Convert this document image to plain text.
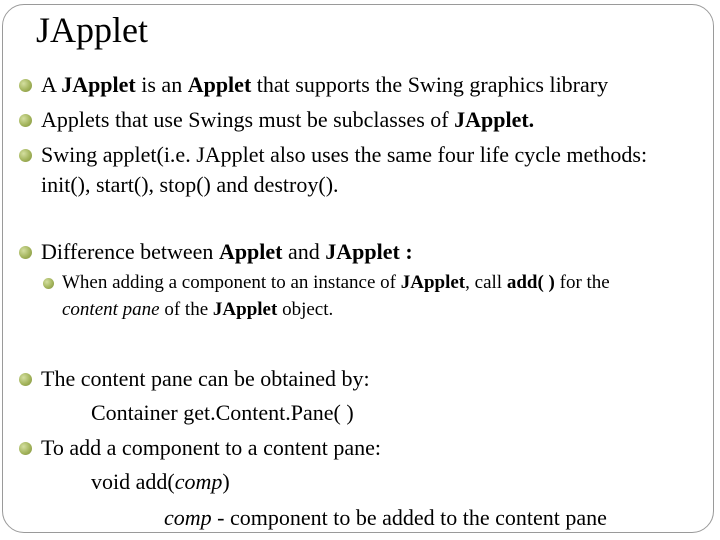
JApplet
A JApplet is an Applet that supports the Swing graphics library
Applets that use Swings must be subclasses of JApplet.
Swing applet(i.e. JApplet also uses the same four life cycle methods:
init(), start(), stop() and destroy().
Difference between Applet and JApplet :
When adding a component to an instance of JApplet, call add( ) for the
content pane of the JApplet object.
The content pane can be obtained by:
Container get.Content.Pane( )
To add a component to a content pane:
void add(comp)
comp - component to be added to the content pane
